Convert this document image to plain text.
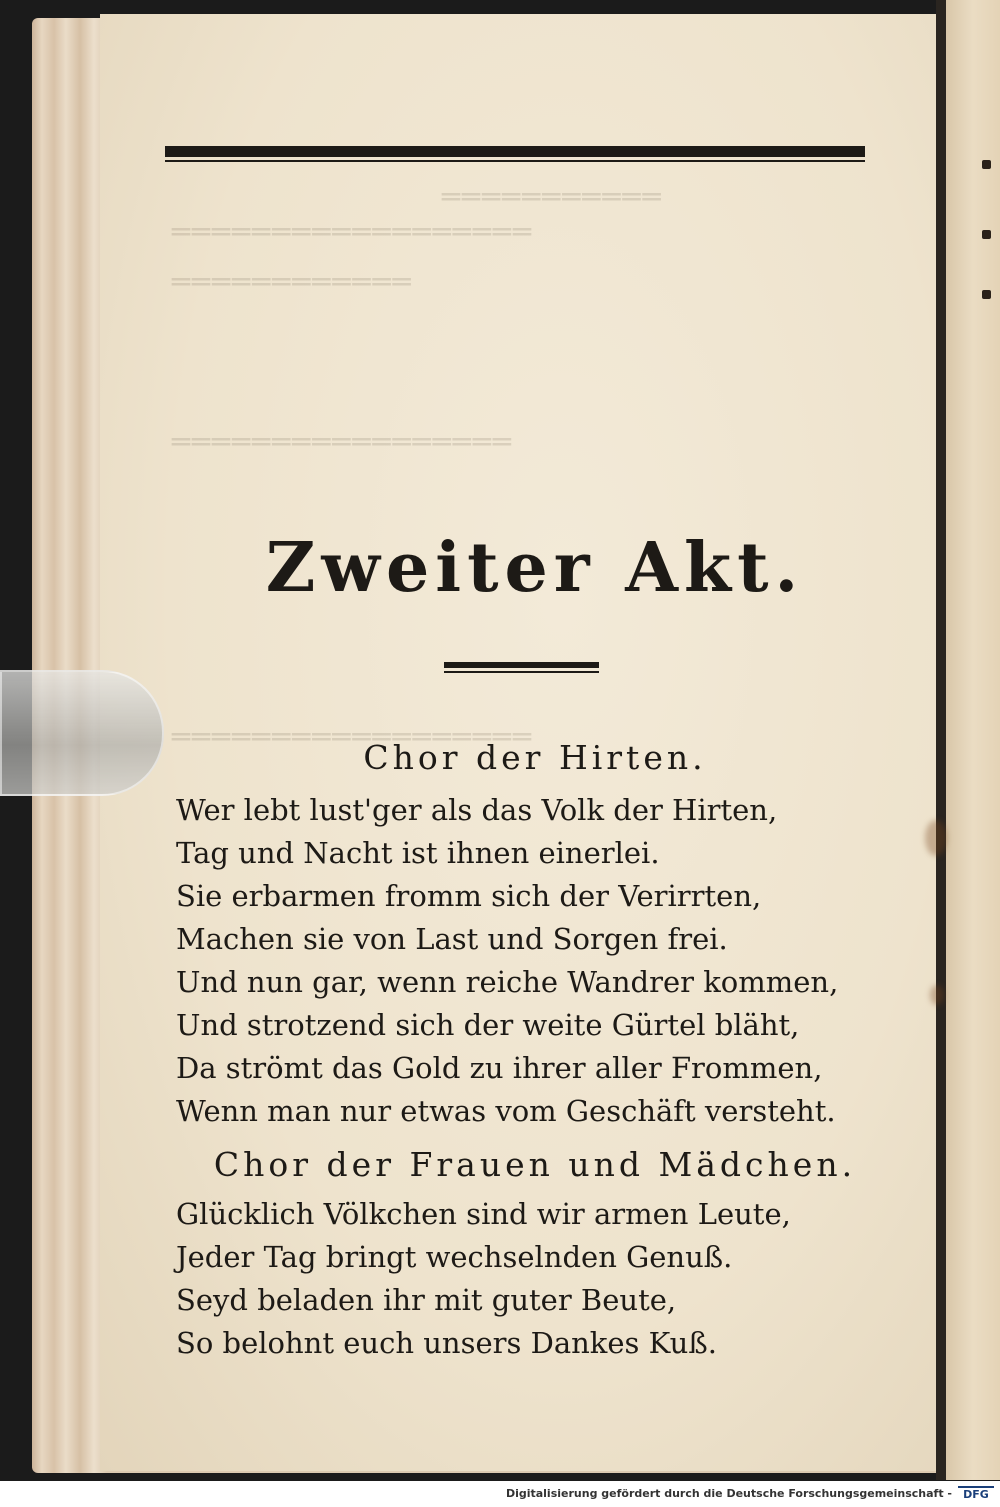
═══════════
══════════════════
════════════
═════════════════
══════════════════
Zweiter Akt.
Chor der Hirten.
Wer lebt lust'ger als das Volk der Hirten,
Tag und Nacht ist ihnen einerlei.
Sie erbarmen fromm sich der Verirrten,
Machen sie von Last und Sorgen frei.
Und nun gar, wenn reiche Wandrer kommen,
Und strotzend sich der weite Gürtel bläht,
Da strömt das Gold zu ihrer aller Frommen,
Wenn man nur etwas vom Geschäft versteht.
Chor der Frauen und Mädchen.
Glücklich Völkchen sind wir armen Leute,
Jeder Tag bringt wechselnden Genuß.
Seyd beladen ihr mit guter Beute,
So belohnt euch unsers Dankes Kuß.
Digitalisierung gefördert durch die Deutsche Forschungsgemeinschaft -	DFG
